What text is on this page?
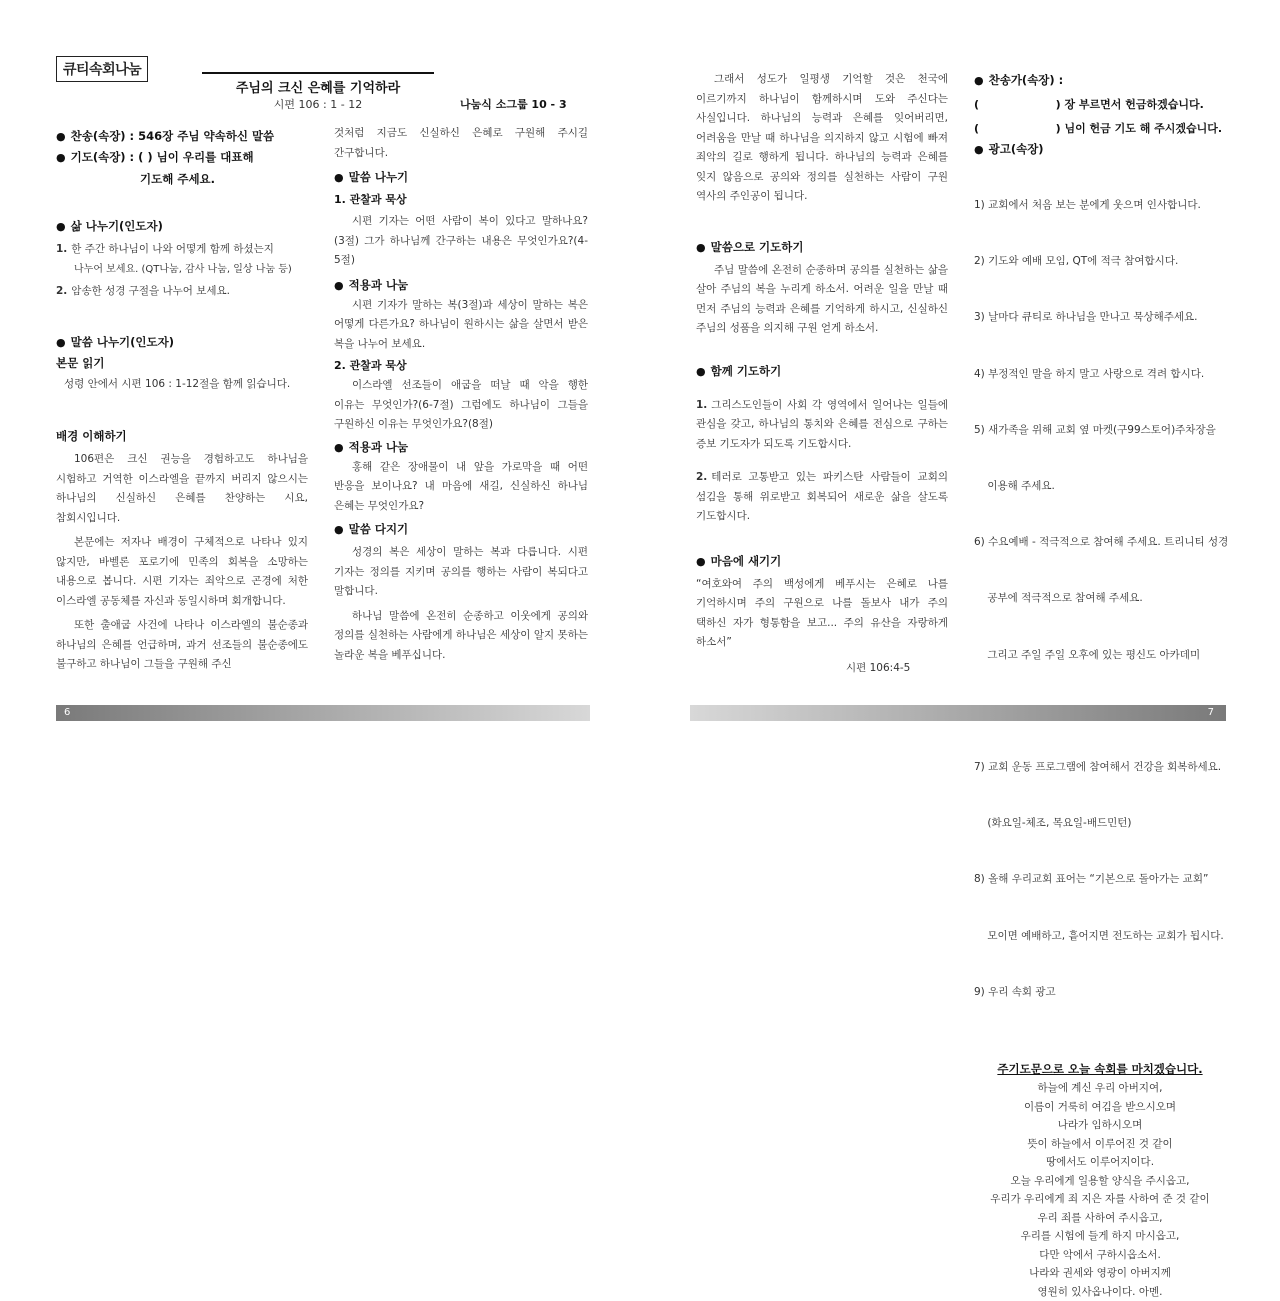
큐티속회나눔
주님의 크신 은혜를 기억하라
시편 106 : 1 - 12	나눔식 소그룹 10 - 3
● 찬송(속장) : 546장 주님 약속하신 말씀
● 기도(속장) : ( ) 님이 우리를 대표해
기도해 주세요.
● 삶 나누기(인도자)
1. 한 주간 하나님이 나와 어떻게 함께 하셨는지
나누어 보세요. (QT나눔, 감사 나눔, 일상 나눔 등)
2. 암송한 성경 구절을 나누어 보세요.
● 말씀 나누기(인도자)
본문 읽기
성령 안에서 시편 106 : 1-12절을 함께 읽습니다.
배경 이해하기
106편은 크신 권능을 경험하고도 하나님을 시험하고 거역한 이스라엘을 끝까지 버리지 않으시는 하나님의 신실하신 은혜를 찬양하는 시요, 참회시입니다.
본문에는 저자나 배경이 구체적으로 나타나 있지 않지만, 바벨론 포로기에 민족의 회복을 소망하는 내용으로 봅니다. 시편 기자는 죄악으로 곤경에 처한 이스라엘 공동체를 자신과 동일시하며 회개합니다.
또한 출애굽 사건에 나타나 이스라엘의 불순종과 하나님의 은혜를 언급하며, 과거 선조들의 불순종에도 불구하고 하나님이 그들을 구원해 주신
것처럼 지금도 신실하신 은혜로 구원해 주시길 간구합니다.
● 말씀 나누기
1. 관찰과 묵상
시편 기자는 어떤 사람이 복이 있다고 말하나요?(3절) 그가 하나님께 간구하는 내용은 무엇인가요?(4-5절)
● 적용과 나눔
시편 기자가 말하는 복(3절)과 세상이 말하는 복은 어떻게 다른가요? 하나님이 원하시는 삶을 살면서 받은 복을 나누어 보세요.
2. 관찰과 묵상
이스라엘 선조들이 애굽을 떠날 때 악을 행한 이유는 무엇인가?(6-7절) 그럼에도 하나님이 그들을 구원하신 이유는 무엇인가요?(8절)
● 적용과 나눔
홍해 같은 장애물이 내 앞을 가로막을 때 어떤 반응을 보이나요? 내 마음에 새길, 신실하신 하나님 은혜는 무엇인가요?
● 말씀 다지기
성경의 복은 세상이 말하는 복과 다릅니다. 시편 기자는 정의를 지키며 공의를 행하는 사람이 복되다고 말합니다.
하나님 말씀에 온전히 순종하고 이웃에게 공의와 정의를 실천하는 사람에게 하나님은 세상이 알지 못하는 놀라운 복을 베푸십니다.
그래서 성도가 일평생 기억할 것은 천국에 이르기까지 하나님이 함께하시며 도와 주신다는 사실입니다. 하나님의 능력과 은혜를 잊어버리면, 어려움을 만날 때 하나님을 의지하지 않고 시험에 빠져 죄악의 길로 행하게 됩니다. 하나님의 능력과 은혜를 잊지 않음으로 공의와 정의를 실천하는 사람이 구원 역사의 주인공이 됩니다.
● 말씀으로 기도하기
주님 말씀에 온전히 순종하며 공의를 실천하는 삶을 살아 주님의 복을 누리게 하소서. 어려운 일을 만날 때 먼저 주님의 능력과 은혜를 기억하게 하시고, 신실하신 주님의 성품을 의지해 구원 얻게 하소서.
● 함께 기도하기
1. 그리스도인들이 사회 각 영역에서 일어나는 일들에 관심을 갖고, 하나님의 통치와 은혜를 전심으로 구하는 증보 기도자가 되도록 기도합시다.
2. 테러로 고통받고 있는 파키스탄 사람들이 교회의 섬김을 통해 위로받고 회복되어 새로운 삶을 살도록 기도합시다.
● 마음에 새기기
“여호와여 주의 백성에게 베푸시는 은혜로 나를 기억하시며 주의 구원으로 나를 돌보사 내가 주의 택하신 자가 형통함을 보고... 주의 유산을 자랑하게 하소서”
시편 106:4-5
● 찬송가(속장) :
(                    ) 장 부르면서 헌금하겠습니다.
(                    ) 님이 헌금 기도 해 주시겠습니다.
● 광고(속장)

1) 교회에서 처음 보는 분에게 웃으며 인사합니다.

2) 기도와 예배 모임, QT에 적극 참여합시다.

3) 날마다 큐티로 하나님을 만나고 묵상해주세요.

4) 부정적인 말을 하지 말고 사랑으로 격려 합시다.

5) 새가족을 위해 교회 옆 마켓(구99스토어)주차장을

이용해 주세요.

6) 수요예배 - 적극적으로 참여해 주세요. 트리니티 성경

공부에 적극적으로 참여해 주세요.

그리고 주일 주일 오후에 있는 평신도 아카데미

7) 교회 운동 프로그램에 참여해서 건강을 회복하세요.

(화요일-체조, 목요일-배드민턴)

8) 올해 우리교회 표어는 “기본으로 돌아가는 교회”

모이면 예배하고, 흩어지면 전도하는 교회가 됩시다.

9) 우리 속회 광고

주기도문으로 오늘 속회를 마치겠습니다.
하늘에 계신 우리 아버지여,
이름이 거룩히 여김을 받으시오며
나라가 임하시오며
뜻이 하늘에서 이루어진 것 같이
땅에서도 이루어지이다.
오늘 우리에게 일용할 양식을 주시옵고,
우리가 우리에게 죄 지은 자를 사하여 준 것 같이
우리 죄를 사하여 주시옵고,
우리를 시험에 들게 하지 마시옵고,
다만 악에서 구하시옵소서.
나라와 권세와 영광이 아버지께
영원히 있사옵나이다. 아멘.
6	7
